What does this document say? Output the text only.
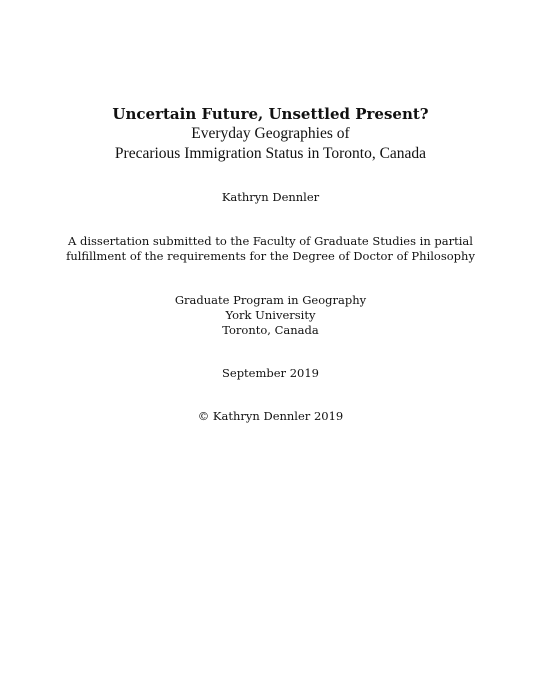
Uncertain Future, Unsettled Present?
Everyday Geographies of
Precarious Immigration Status in Toronto, Canada
Kathryn Dennler
A dissertation submitted to the Faculty of Graduate Studies in partial
fulfillment of the requirements for the Degree of Doctor of Philosophy
Graduate Program in Geography
York University
Toronto, Canada
September 2019
© Kathryn Dennler 2019
